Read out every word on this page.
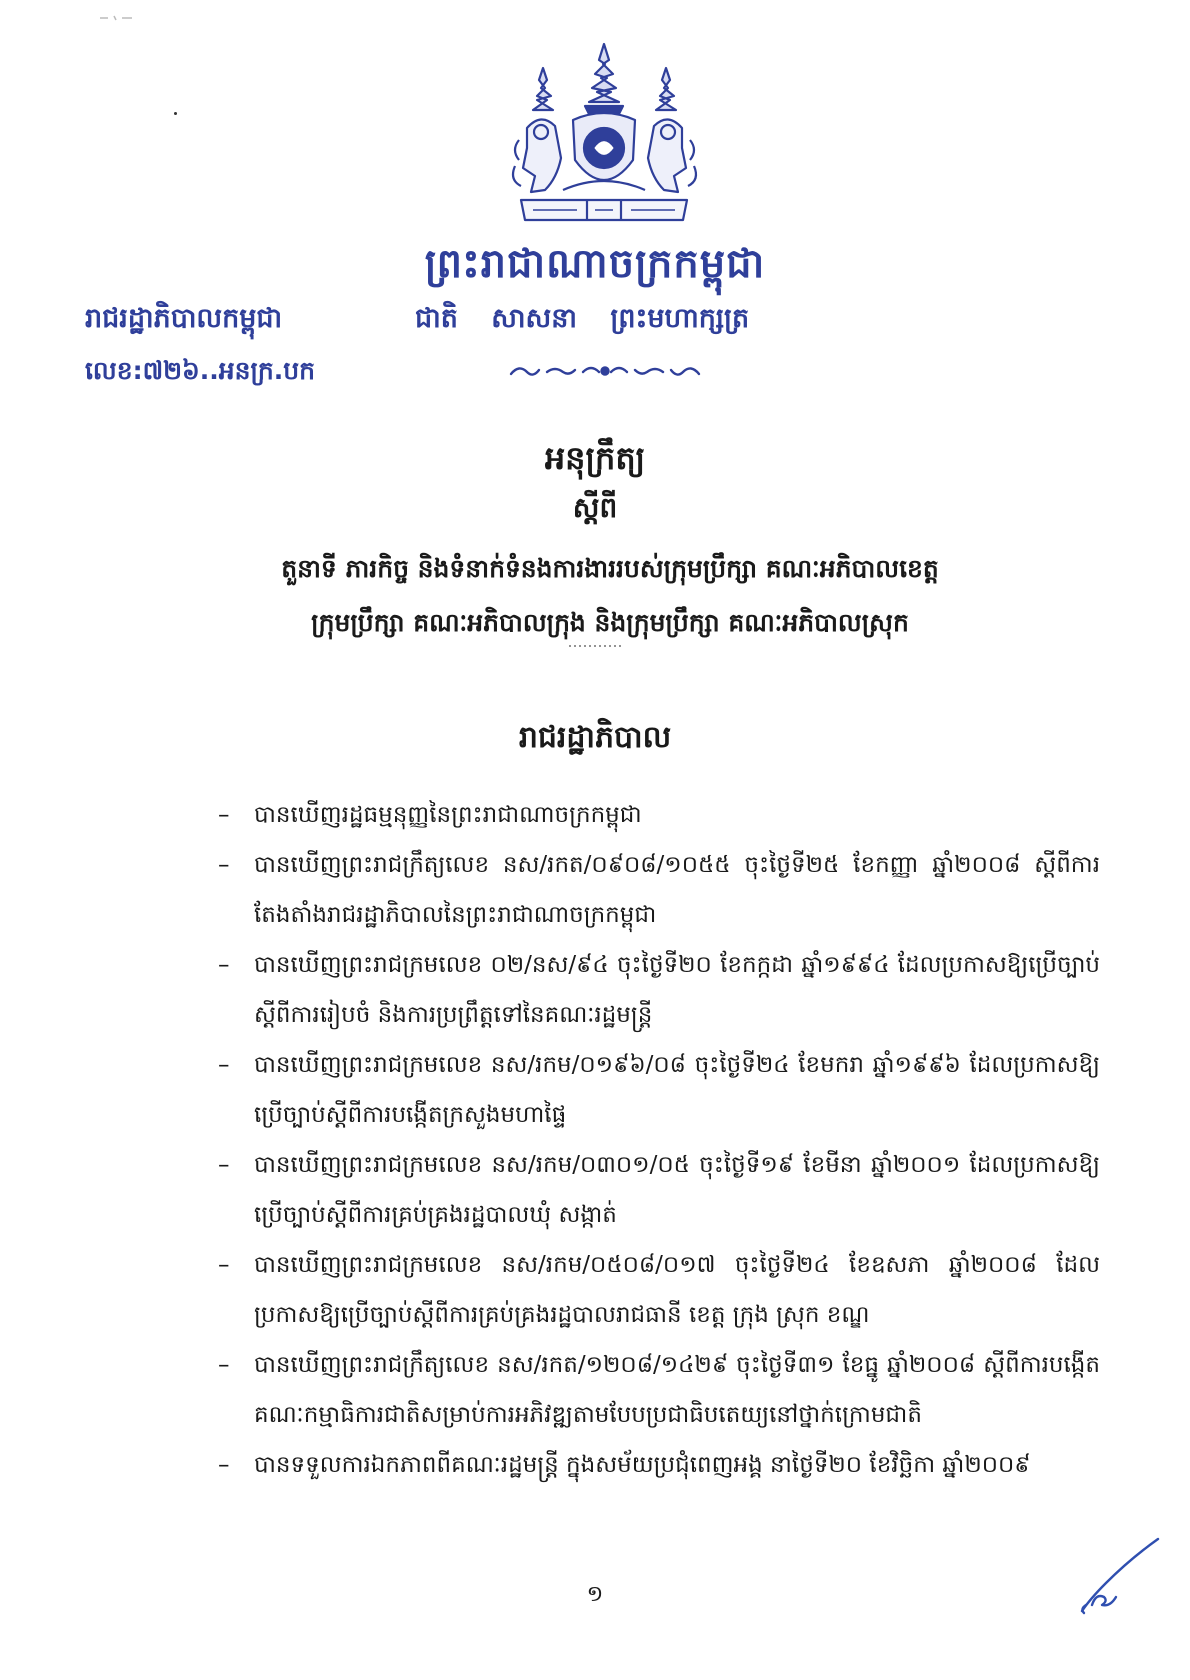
ព្រះរាជាណាចក្រកម្ពុជា
រាជរដ្ឋាភិបាលកម្ពុជា	ជាតិ សាសនា ព្រះមហាក្សត្រ
លេខ:៧២៦..អនក្រ.បក
អនុក្រឹត្យ
ស្ដីពី
តួនាទី ភារកិច្ច និងទំនាក់ទំនងការងាររបស់ក្រុមប្រឹក្សា គណៈអភិបាលខេត្ត
ក្រុមប្រឹក្សា គណៈអភិបាលក្រុង និងក្រុមប្រឹក្សា គណៈអភិបាលស្រុក
រាជរដ្ឋាភិបាល
–	បានឃើញរដ្ឋធម្មនុញ្ញនៃព្រះរាជាណាចក្រកម្ពុជា
–	បានឃើញព្រះរាជក្រឹត្យលេខ នស/រកត/០៩០៨/១០៥៥ ចុះថ្ងៃទី២៥ ខែកញ្ញា ឆ្នាំ២០០៨ ស្តីពីការតែងតាំងរាជរដ្ឋាភិបាលនៃព្រះរាជាណាចក្រកម្ពុជា
–	បានឃើញព្រះរាជក្រមលេខ ០២/នស/៩៤ ចុះថ្ងៃទី២០ ខែកក្កដា ឆ្នាំ១៩៩៤ ដែលប្រកាសឱ្យប្រើច្បាប់ស្តីពីការរៀបចំ និងការប្រព្រឹត្តទៅនៃគណៈរដ្ឋមន្ត្រី
–	បានឃើញព្រះរាជក្រមលេខ នស/រកម/០១៩៦/០៨ ចុះថ្ងៃទី២៤ ខែមករា ឆ្នាំ១៩៩៦ ដែលប្រកាសឱ្យប្រើច្បាប់ស្តីពីការបង្កើតក្រសួងមហាផ្ទៃ
–	បានឃើញព្រះរាជក្រមលេខ នស/រកម/០៣០១/០៥ ចុះថ្ងៃទី១៩ ខែមីនា ឆ្នាំ២០០១ ដែលប្រកាសឱ្យប្រើច្បាប់ស្តីពីការគ្រប់គ្រងរដ្ឋបាលឃុំ សង្កាត់
–	បានឃើញព្រះរាជក្រមលេខ នស/រកម/០៥០៨/០១៧ ចុះថ្ងៃទី២៤ ខែឧសភា ឆ្នាំ២០០៨ ដែលប្រកាសឱ្យប្រើច្បាប់ស្តីពីការគ្រប់គ្រងរដ្ឋបាលរាជធានី ខេត្ត ក្រុង ស្រុក ខណ្ឌ
–	បានឃើញព្រះរាជក្រឹត្យលេខ នស/រកត/១២០៨/១៤២៩ ចុះថ្ងៃទី៣១ ខែធ្នូ ឆ្នាំ២០០៨ ស្តីពីការបង្កើតគណៈកម្មាធិការជាតិសម្រាប់ការអភិវឌ្ឍតាមបែបប្រជាធិបតេយ្យនៅថ្នាក់ក្រោមជាតិ
–	បានទទួលការឯកភាពពីគណៈរដ្ឋមន្ត្រី ក្នុងសម័យប្រជុំពេញអង្គ នាថ្ងៃទី២០ ខែវិច្ឆិកា ឆ្នាំ២០០៩
១
